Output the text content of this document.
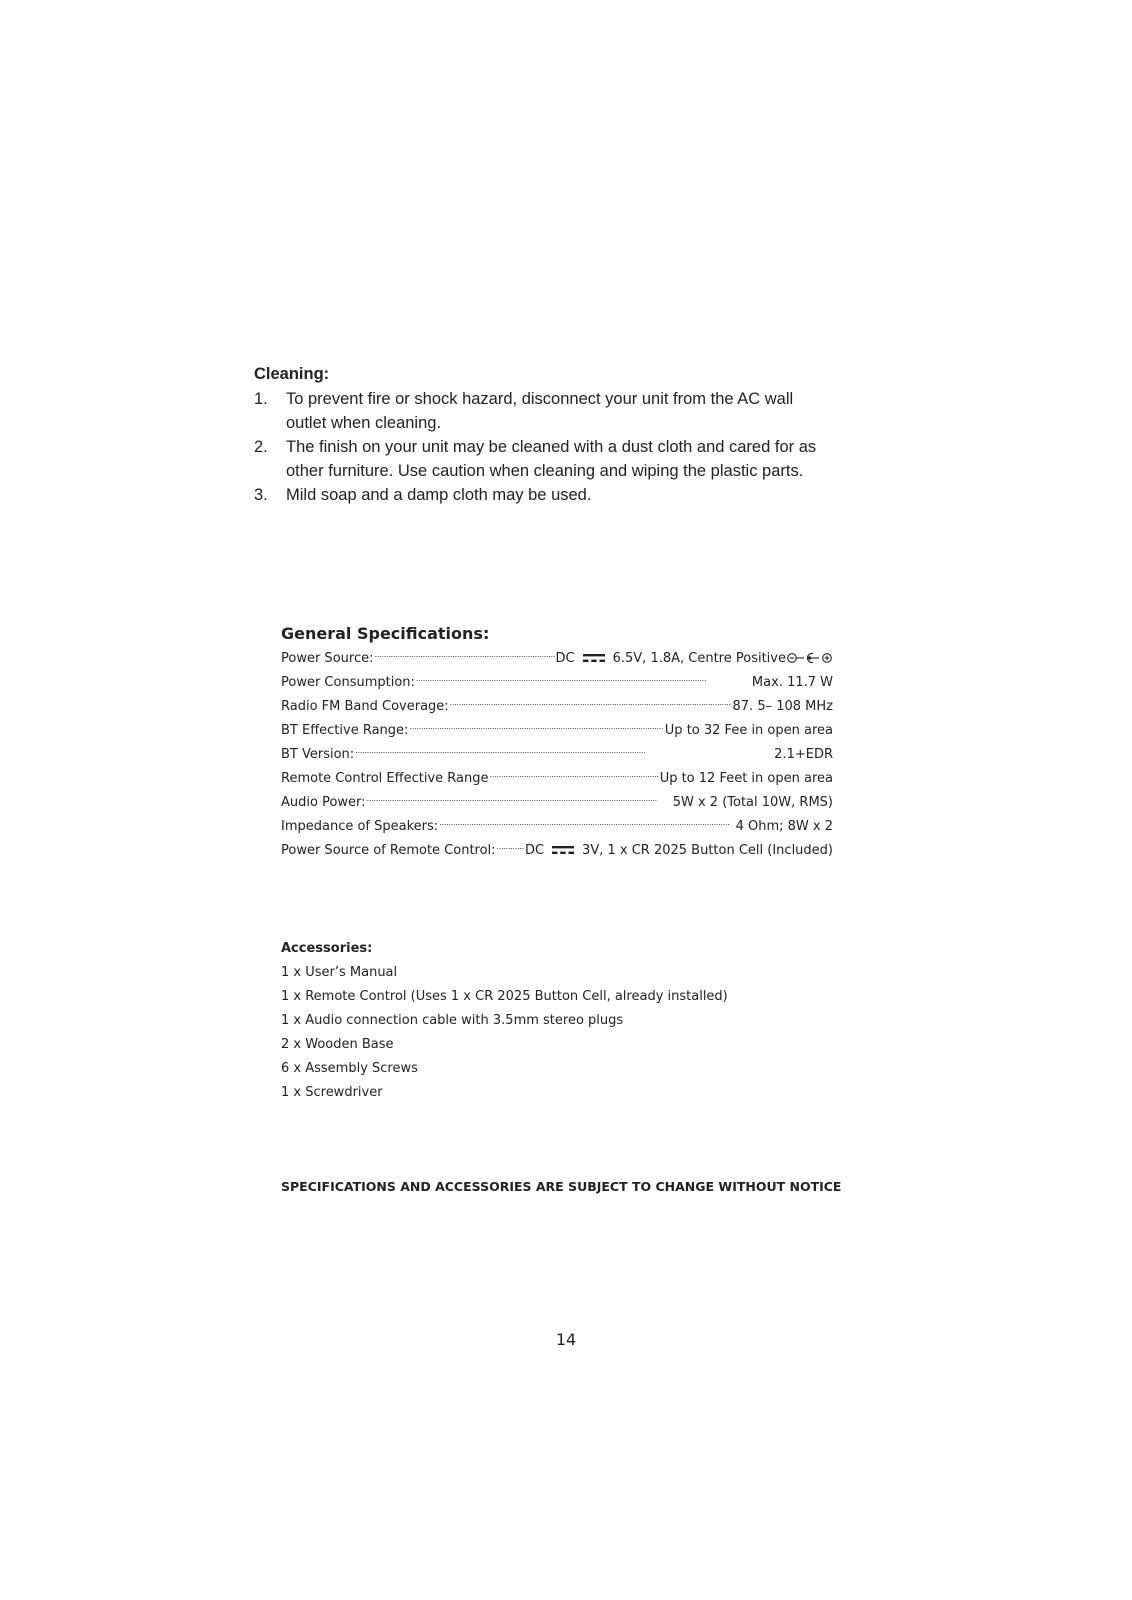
Cleaning:
1. To prevent fire or shock hazard, disconnect your unit from the AC wall
outlet when cleaning.
2. The finish on your unit may be cleaned with a dust cloth and cared for as
other furniture. Use caution when cleaning and wiping the plastic parts.
3. Mild soap and a damp cloth may be used.
General Specifications:
Power Source: . . .	DC	6.5V, 1.8A, Centre Positive
Power Consumption: . . .	Max. 11.7 W
Radio FM Band Coverage: . . .	87. 5– 108 MHz
BT Effective Range: . . .	Up to 32 Fee in open area
BT Version: . . .	2.1+EDR
Remote Control Effective Range . . .	Up to 12 Feet in open area
Audio Power: . . .	5W x 2 (Total 10W, RMS)
Impedance of Speakers: . . .	4 Ohm; 8W x 2
Power Source of Remote Control: . . . DC	3V, 1 x CR 2025 Button Cell (Included)
Accessories:
1 x User’s Manual
1 x Remote Control (Uses 1 x CR 2025 Button Cell, already installed)
1 x Audio connection cable with 3.5mm stereo plugs
2 x Wooden Base
6 x Assembly Screws
1 x Screwdriver
SPECIFICATIONS AND ACCESSORIES ARE SUBJECT TO CHANGE WITHOUT NOTICE
14
